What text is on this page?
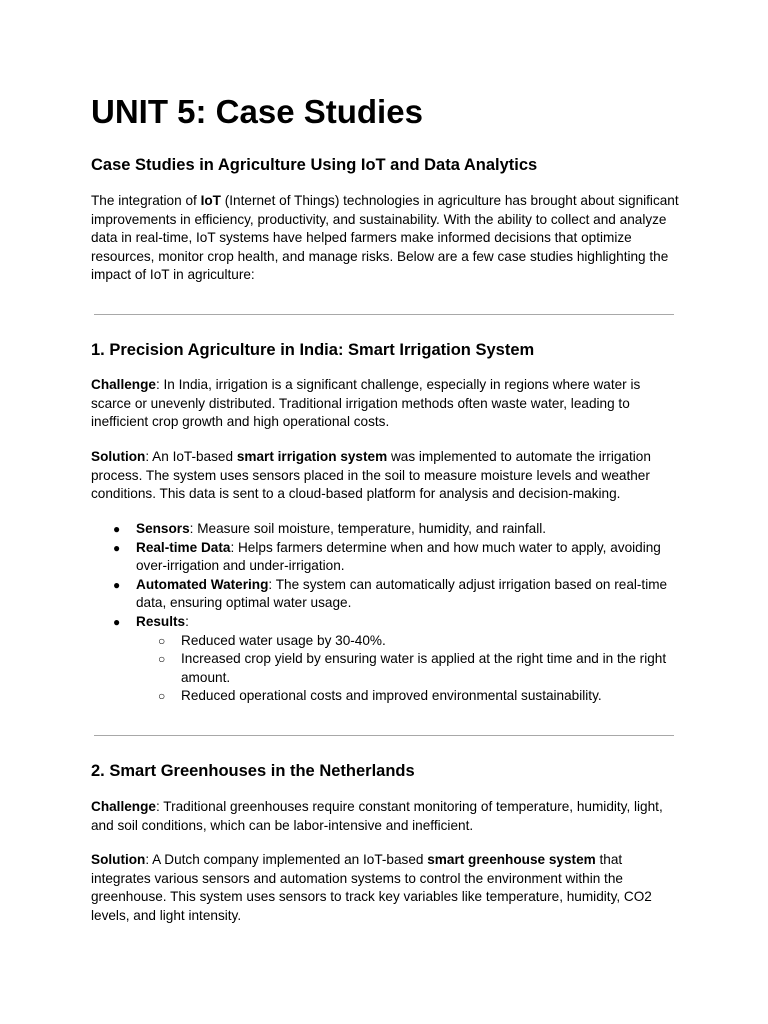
UNIT 5: Case Studies
Case Studies in Agriculture Using IoT and Data Analytics

The integration of IoT (Internet of Things) technologies in agriculture has brought about significant improvements in efficiency, productivity, and sustainability. With the ability to collect and analyze data in real-time, IoT systems have helped farmers make informed decisions that optimize resources, monitor crop health, and manage risks. Below are a few case studies highlighting the impact of IoT in agriculture:

1. Precision Agriculture in India: Smart Irrigation System

Challenge: In India, irrigation is a significant challenge, especially in regions where water is scarce or unevenly distributed. Traditional irrigation methods often waste water, leading to inefficient crop growth and high operational costs.

Solution: An IoT-based smart irrigation system was implemented to automate the irrigation process. The system uses sensors placed in the soil to measure moisture levels and weather conditions. This data is sent to a cloud-based platform for analysis and decision-making.

● Sensors: Measure soil moisture, temperature, humidity, and rainfall.
● Real-time Data: Helps farmers determine when and how much water to apply, avoiding over-irrigation and under-irrigation.
● Automated Watering: The system can automatically adjust irrigation based on real-time data, ensuring optimal water usage.
● Results:
○ Reduced water usage by 30-40%.
○ Increased crop yield by ensuring water is applied at the right time and in the right amount.
○ Reduced operational costs and improved environmental sustainability.
2. Smart Greenhouses in the Netherlands

Challenge: Traditional greenhouses require constant monitoring of temperature, humidity, light, and soil conditions, which can be labor-intensive and inefficient.

Solution: A Dutch company implemented an IoT-based smart greenhouse system that integrates various sensors and automation systems to control the environment within the greenhouse. This system uses sensors to track key variables like temperature, humidity, CO2 levels, and light intensity.
